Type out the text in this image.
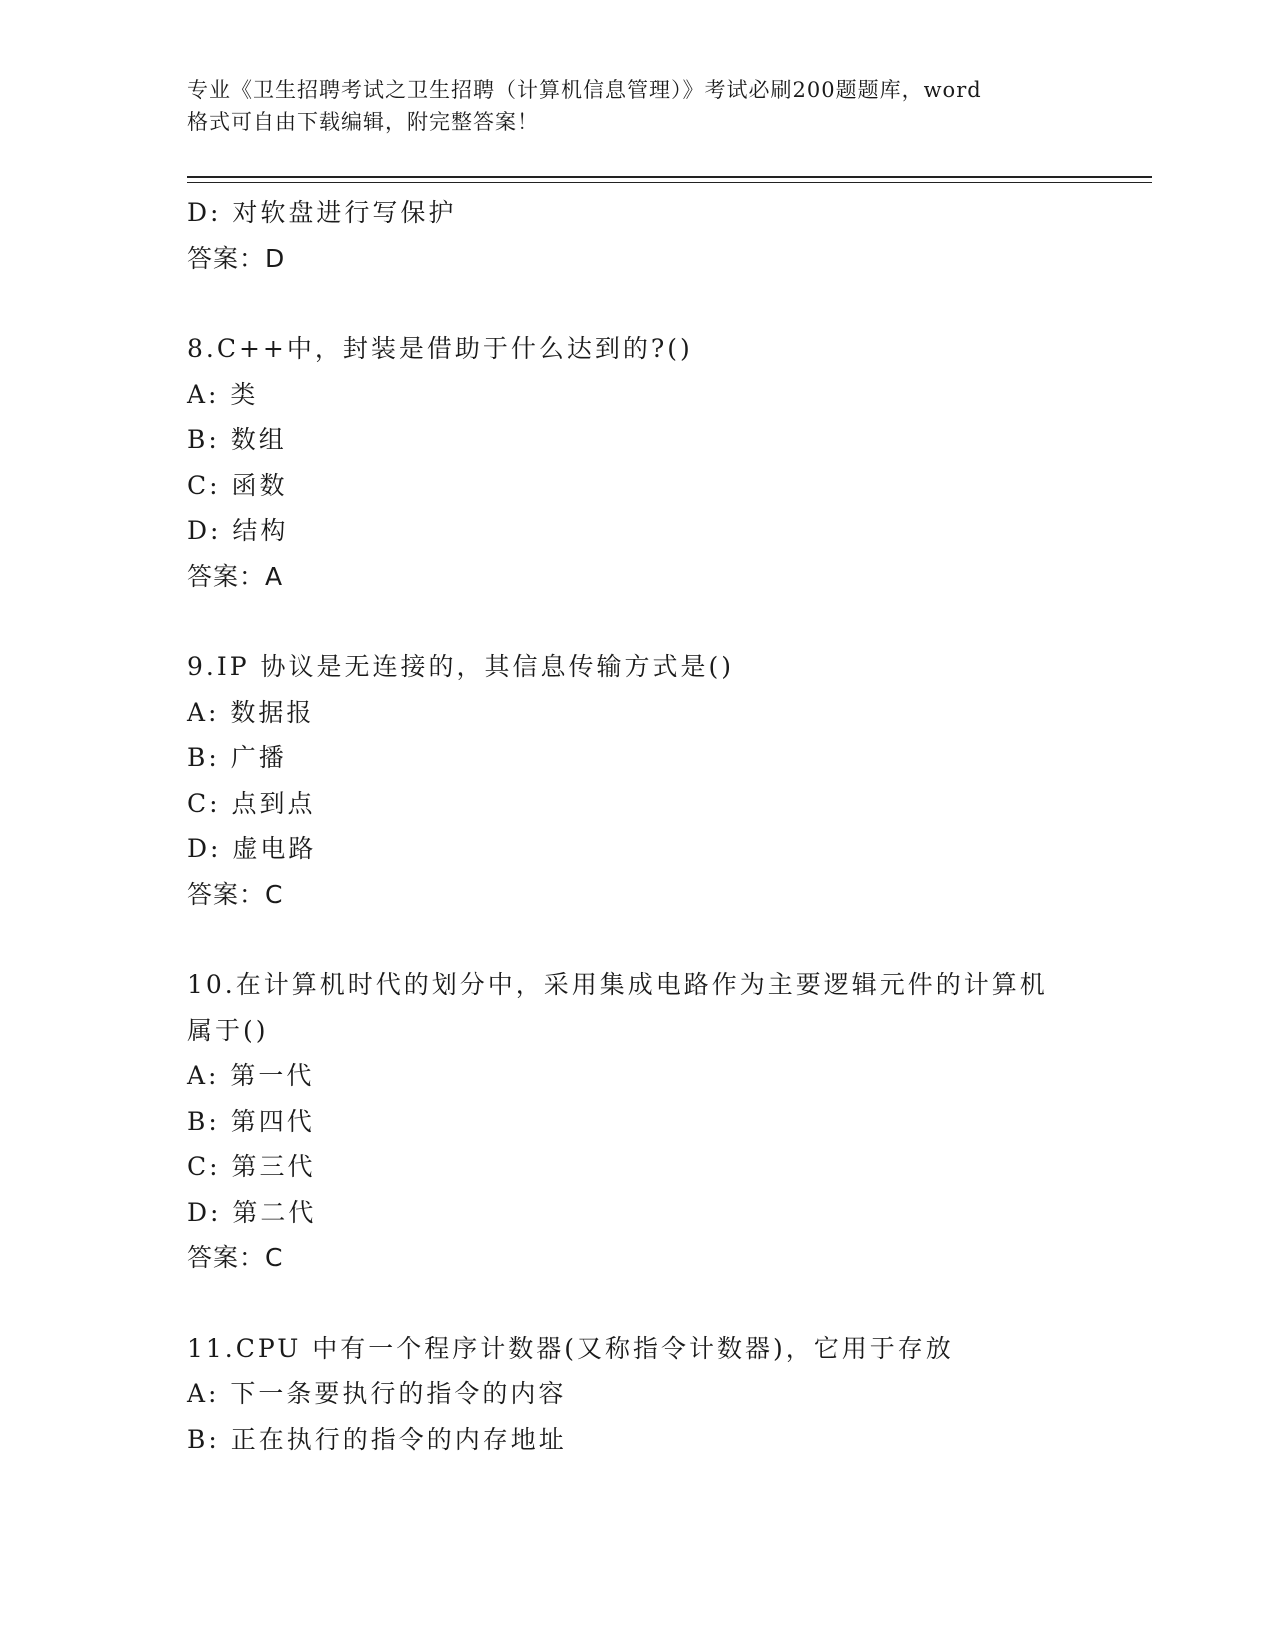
专业《卫生招聘考试之卫生招聘（计算机信息管理）》考试必刷200题题库，word
格式可自由下载编辑，附完整答案！
D: 对软盘进行写保护
答案：D
8.C++中，封装是借助于什么达到的?()
A: 类
B: 数组
C: 函数
D: 结构
答案：A
9.IP 协议是无连接的，其信息传输方式是()
A: 数据报
B: 广播
C: 点到点
D: 虚电路
答案：C
10.在计算机时代的划分中，采用集成电路作为主要逻辑元件的计算机
属于()
A: 第一代
B: 第四代
C: 第三代
D: 第二代
答案：C
11.CPU 中有一个程序计数器(又称指令计数器)，它用于存放
A: 下一条要执行的指令的内容
B: 正在执行的指令的内存地址
